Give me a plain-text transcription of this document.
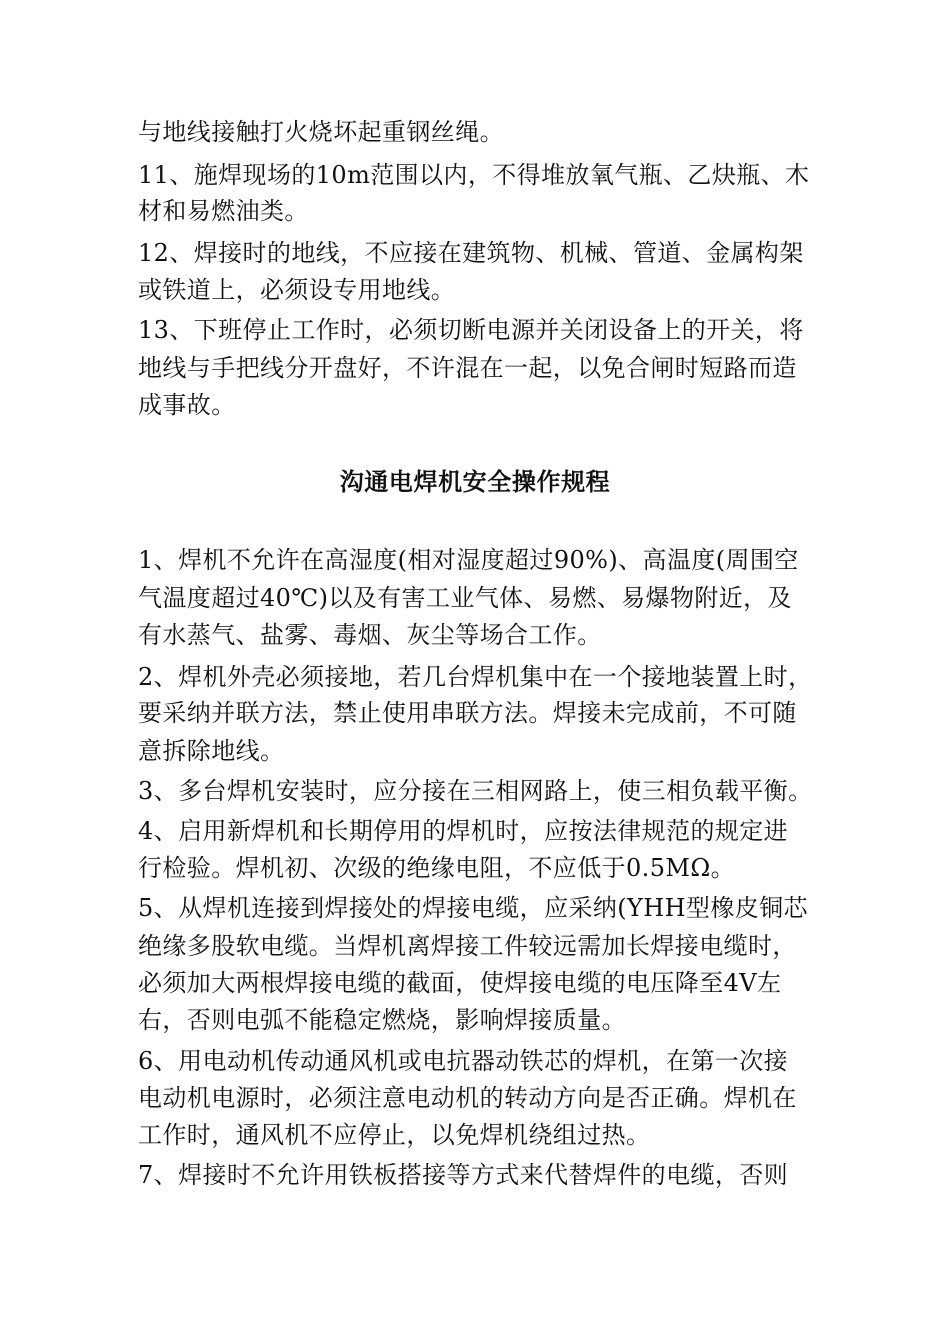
与地线接触打火烧坏起重钢丝绳。
11、施焊现场的10m范围以内，不得堆放氧气瓶、乙炔瓶、木
材和易燃油类。
12、焊接时的地线，不应接在建筑物、机械、管道、金属构架
或铁道上，必须设专用地线。
13、下班停止工作时，必须切断电源并关闭设备上的开关，将
地线与手把线分开盘好，不许混在一起，以免合闸时短路而造
成事故。
沟通电焊机安全操作规程
1、焊机不允许在高湿度(相对湿度超过90%)、高温度(周围空
气温度超过40℃)以及有害工业气体、易燃、易爆物附近，及
有水蒸气、盐雾、毒烟、灰尘等场合工作。
2、焊机外壳必须接地，若几台焊机集中在一个接地装置上时，
要采纳并联方法，禁止使用串联方法。焊接未完成前，不可随
意拆除地线。
3、多台焊机安装时，应分接在三相网路上，使三相负载平衡。
4、启用新焊机和长期停用的焊机时，应按法律规范的规定进
行检验。焊机初、次级的绝缘电阻，不应低于0.5MΩ。
5、从焊机连接到焊接处的焊接电缆，应采纳(YHH型橡皮铜芯
绝缘多股软电缆。当焊机离焊接工件较远需加长焊接电缆时，
必须加大两根焊接电缆的截面，使焊接电缆的电压降至4V左
右，否则电弧不能稳定燃烧，影响焊接质量。
6、用电动机传动通风机或电抗器动铁芯的焊机，在第一次接
电动机电源时，必须注意电动机的转动方向是否正确。焊机在
工作时，通风机不应停止，以免焊机绕组过热。
7、焊接时不允许用铁板搭接等方式来代替焊件的电缆，否则
